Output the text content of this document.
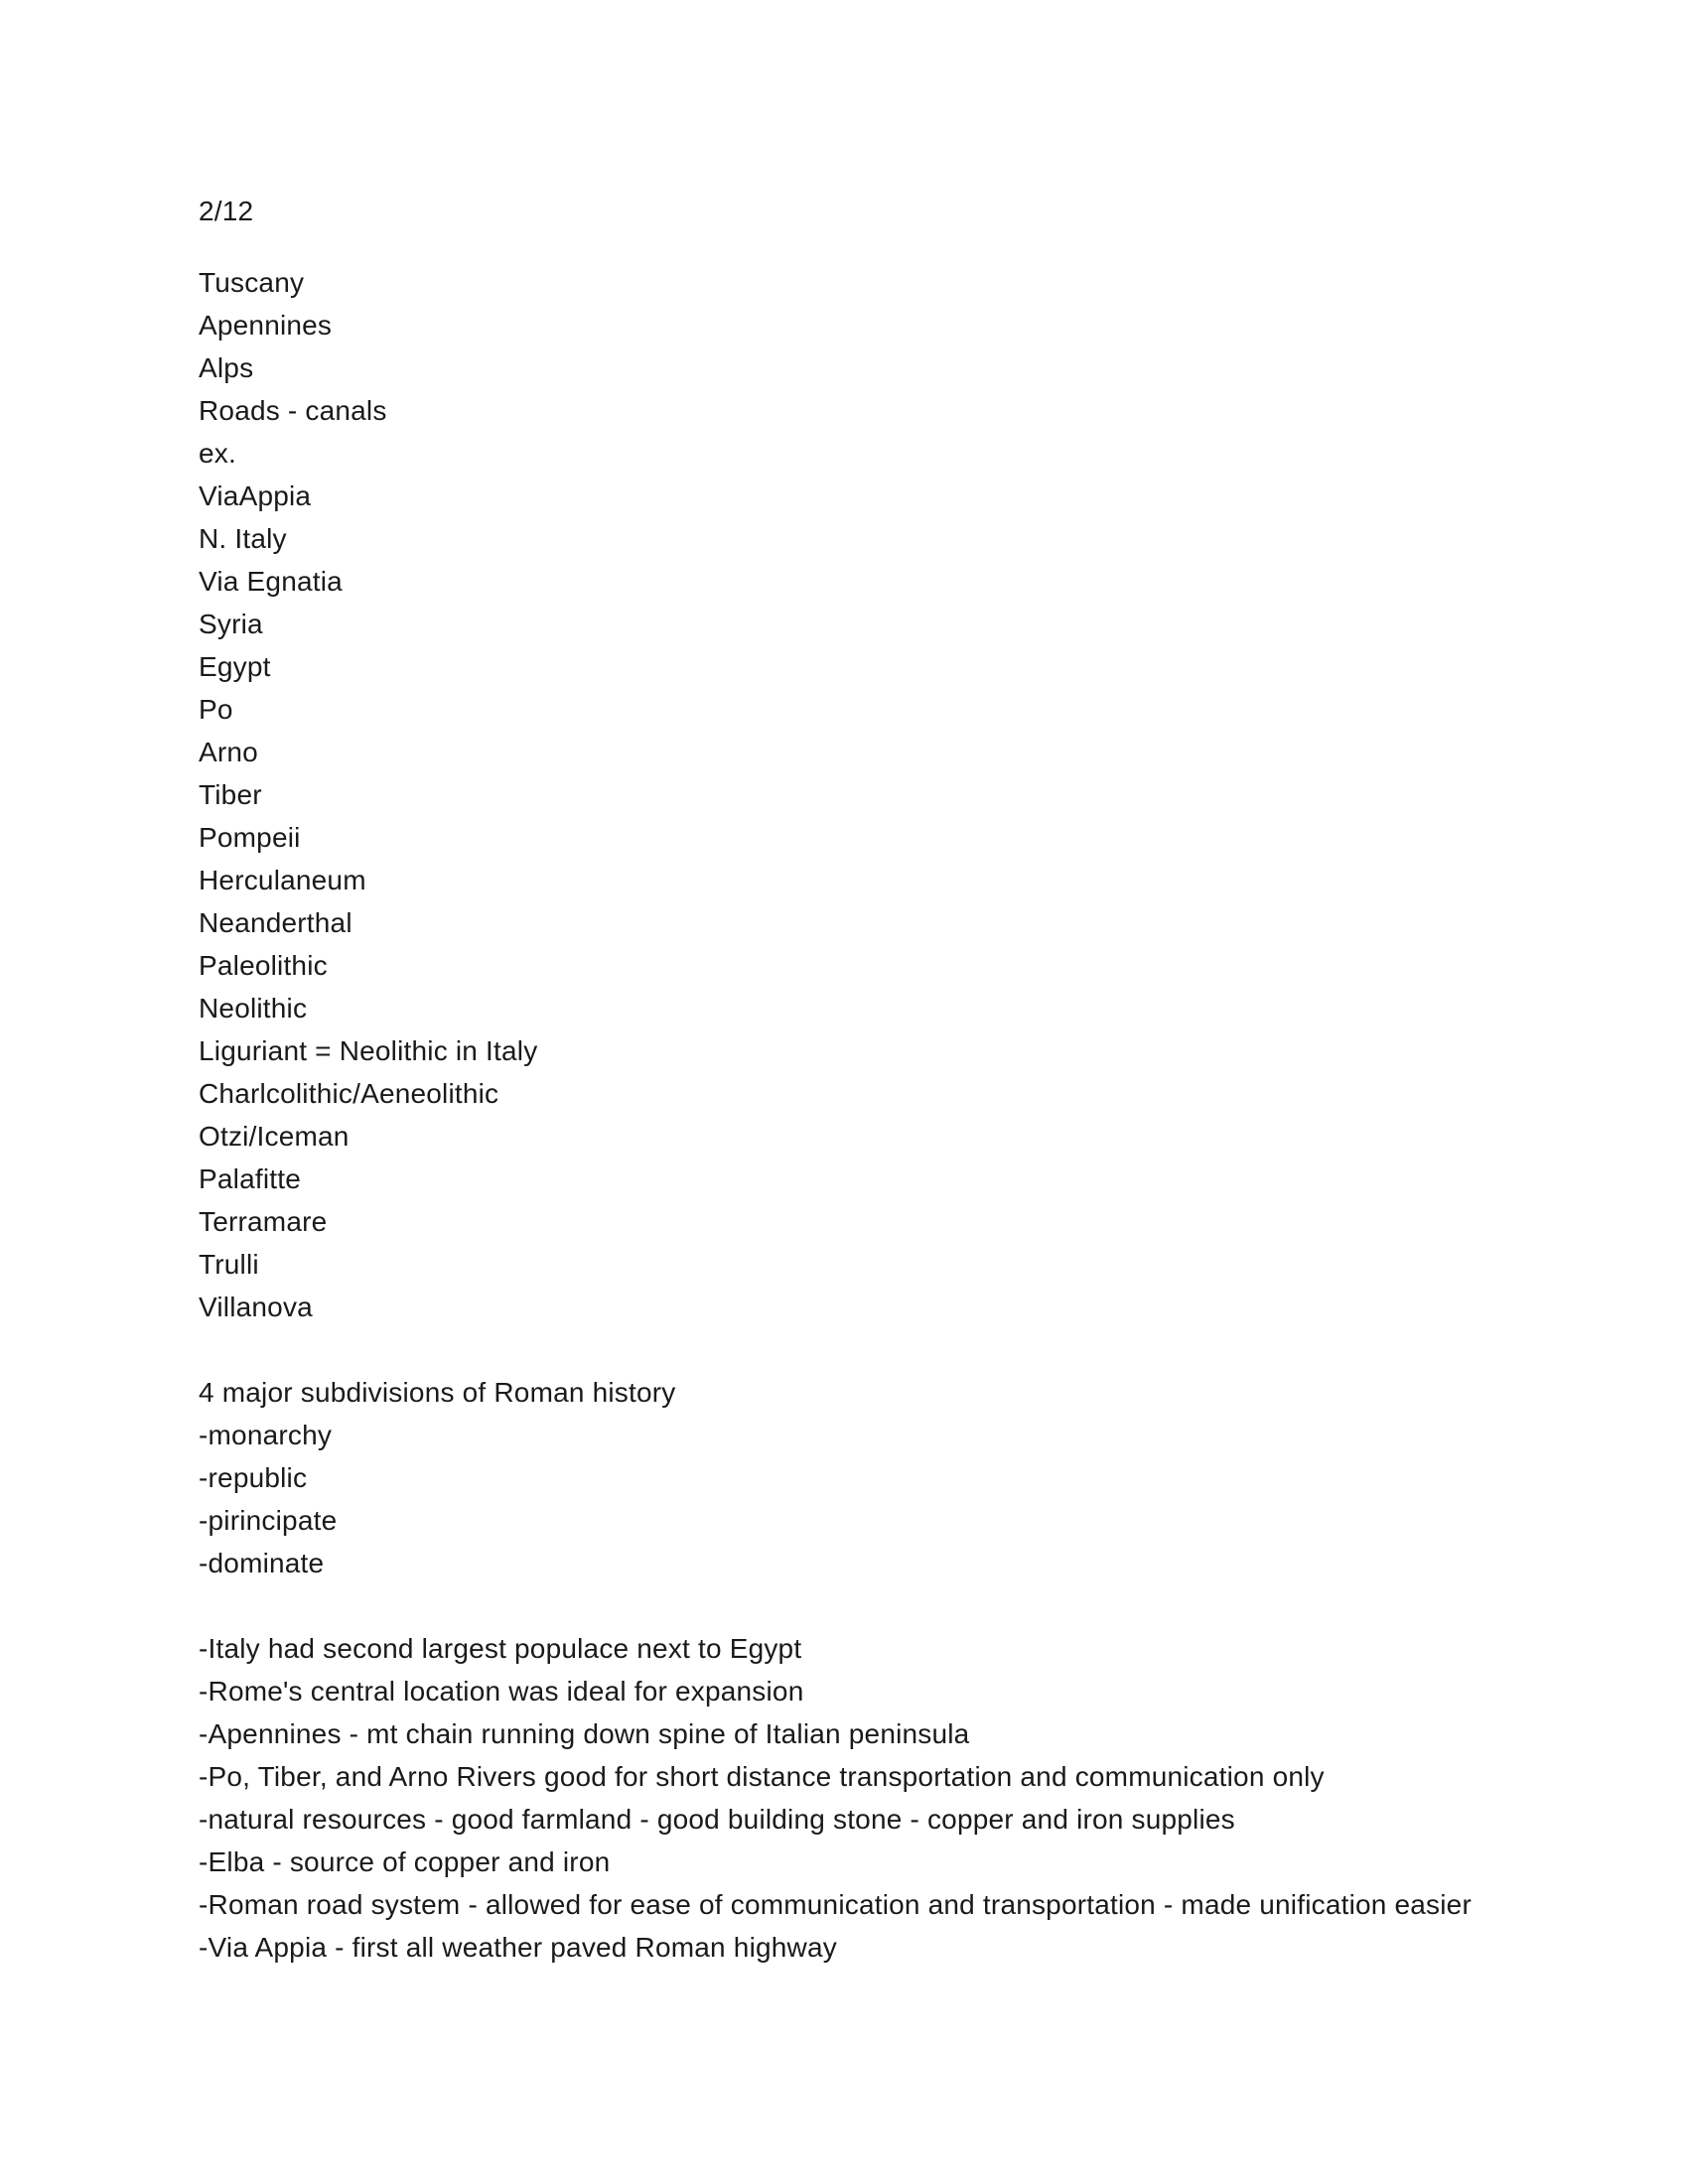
2/12
Tuscany
Apennines
Alps
Roads - canals
ex.
ViaAppia
N. Italy
Via Egnatia
Syria
Egypt
Po
Arno
Tiber
Pompeii
Herculaneum
Neanderthal
Paleolithic
Neolithic
Liguriant = Neolithic in Italy
Charlcolithic/Aeneolithic
Otzi/Iceman
Palafitte
Terramare
Trulli
Villanova
4 major subdivisions of Roman history
-monarchy
-republic
-pirincipate
-dominate
-Italy had second largest populace next to Egypt
-Rome's central location was ideal for expansion
-Apennines - mt chain running down spine of Italian peninsula
-Po, Tiber, and Arno Rivers good for short distance transportation and communication only
-natural resources - good farmland - good building stone - copper and iron supplies
-Elba - source of copper and iron
-Roman road system - allowed for ease of communication and transportation - made unification easier
-Via Appia - first all weather paved Roman highway
